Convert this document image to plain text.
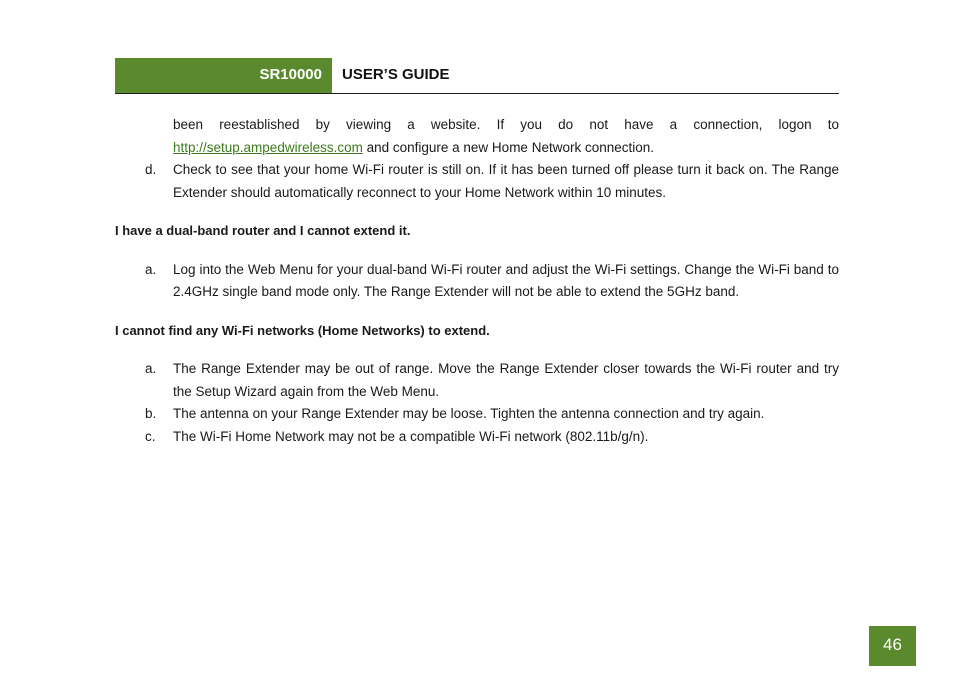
SR10000 USER’S GUIDE

been reestablished by viewing a website. If you do not have a connection, logon to http://setup.ampedwireless.com and configure a new Home Network connection.

d.	Check to see that your home Wi-Fi router is still on. If it has been turned off please turn it back on. The Range Extender should automatically reconnect to your Home Network within 10 minutes.

I have a dual-band router and I cannot extend it.

a.	Log into the Web Menu for your dual-band Wi-Fi router and adjust the Wi-Fi settings. Change the Wi-Fi band to 2.4GHz single band mode only. The Range Extender will not be able to extend the 5GHz band.

I cannot find any Wi-Fi networks (Home Networks) to extend.

a.	The Range Extender may be out of range. Move the Range Extender closer towards the Wi-Fi router and try the Setup Wizard again from the Web Menu.
b.	The antenna on your Range Extender may be loose. Tighten the antenna connection and try again.
c.	The Wi-Fi Home Network may not be a compatible Wi-Fi network (802.11b/g/n).
46
